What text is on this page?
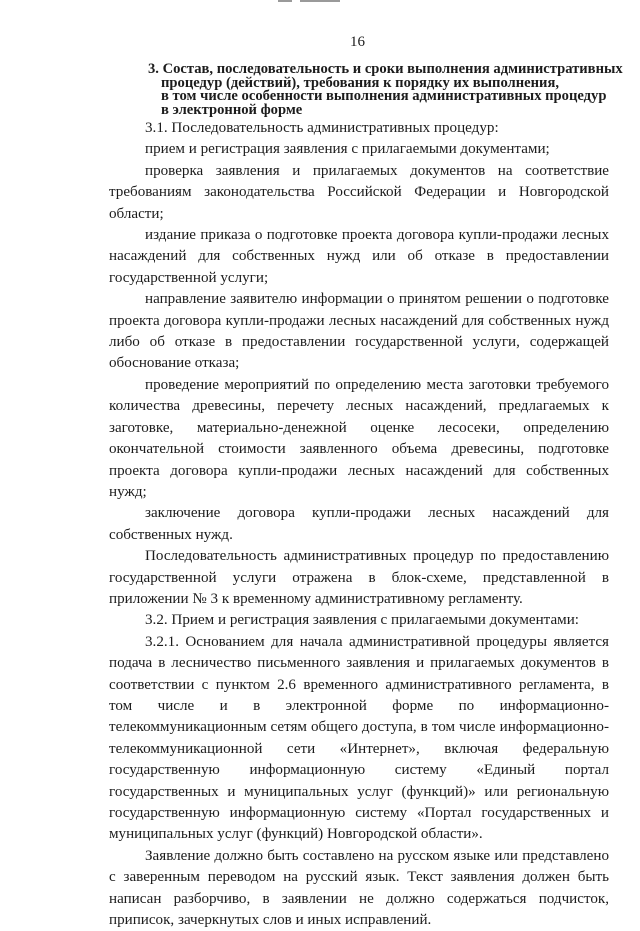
16
3. Состав, последовательность и сроки выполнения административных
процедур (действий), требования к порядку их выполнения,
в том числе особенности выполнения административных процедур
в электронной форме

3.1. Последовательность административных процедур:

прием и регистрация заявления с прилагаемыми документами;

проверка заявления и прилагаемых документов на соответствие требованиям законодательства Российской Федерации и Новгородской области;

издание приказа о подготовке проекта договора купли-продажи лесных насаждений для собственных нужд или об отказе в предоставлении государственной услуги;

направление заявителю информации о принятом решении о подготовке проекта договора купли-продажи лесных насаждений для собственных нужд либо об отказе в предоставлении государственной услуги, содержащей обоснование отказа;

проведение мероприятий по определению места заготовки требуемого количества древесины, перечету лесных насаждений, предлагаемых к заготовке, материально-денежной оценке лесосеки, определению окончательной стоимости заявленного объема древесины, подготовке проекта договора купли-продажи лесных насаждений для собственных нужд;

заключение договора купли-продажи лесных насаждений для собственных нужд.

Последовательность административных процедур по предоставлению государственной услуги отражена в блок-схеме, представленной в приложении № 3 к временному административному регламенту.

3.2. Прием и регистрация заявления с прилагаемыми документами:

3.2.1. Основанием для начала административной процедуры является подача в лесничество письменного заявления и прилагаемых документов в соответствии с пунктом 2.6 временного административного регламента, в том числе и в электронной форме по информационно-телекоммуникационным сетям общего доступа, в том числе информационно-телекоммуникационной сети «Интернет», включая федеральную государственную информационную систему «Единый портал государственных и муниципальных услуг (функций)» или региональную государственную информационную систему «Портал государственных и муниципальных услуг (функций) Новгородской области».

Заявление должно быть составлено на русском языке или представлено с заверенным переводом на русский язык. Текст заявления должен быть написан разборчиво, в заявлении не должно содержаться подчисток, приписок, зачеркнутых слов и иных исправлений.
